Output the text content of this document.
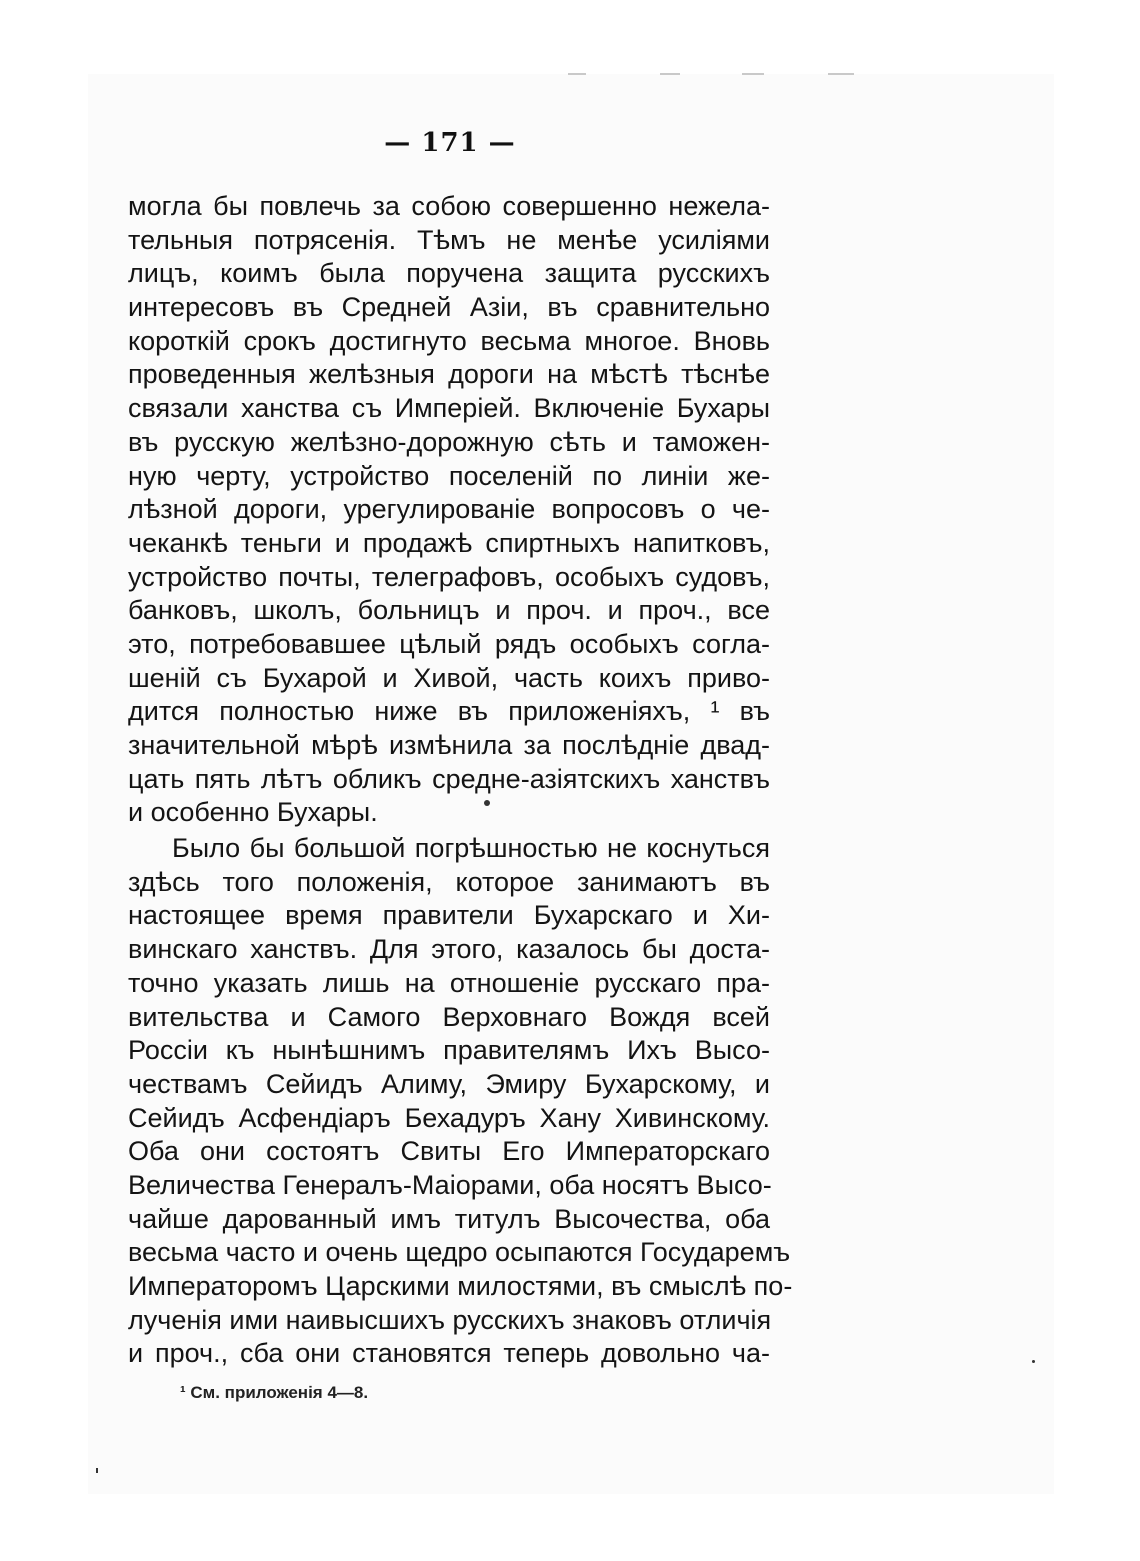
— 171 —
могла бы повлечь за собою совершенно нежела-
тельныя потрясенія. Тѣмъ не менѣе усиліями
лицъ, коимъ была поручена защита русскихъ
интересовъ въ Средней Азіи, въ сравнительно
короткій срокъ достигнуто весьма многое. Вновь
проведенныя желѣзныя дороги на мѣстѣ тѣснѣе
связали ханства съ Имперіей. Включеніе Бухары
въ русскую желѣзно-дорожную сѣть и таможен-
ную черту, устройство поселеній по линіи же-
лѣзной дороги, урегулированіе вопросовъ о че-
чеканкѣ теньги и продажѣ спиртныхъ напитковъ,
устройство почты, телеграфовъ, особыхъ судовъ,
банковъ, школъ, больницъ и проч. и проч., все
это, потребовавшее цѣлый рядъ особыхъ согла-
шеній съ Бухарой и Хивой, часть коихъ приво-
дится полностью ниже въ приложеніяхъ, ¹ въ
значительной мѣрѣ измѣнила за послѣдніе двад-
цать пять лѣтъ обликъ средне-азіятскихъ ханствъ
и особенно Бухары.
Было бы большой погрѣшностью не коснуться
здѣсь того положенія, которое занимаютъ въ
настоящее время правители Бухарскаго и Хи-
винскаго ханствъ. Для этого, казалось бы доста-
точно указать лишь на отношеніе русскаго пра-
вительства и Самого Верховнаго Вождя всей
Россіи къ нынѣшнимъ правителямъ Ихъ Высо-
чествамъ Сейидъ Алиму, Эмиру Бухарскому, и
Сейидъ Асфендіаръ Бехадуръ Хану Хивинскому.
Оба они состоятъ Свиты Его Императорскаго
Величества Генералъ-Маіорами, оба носятъ Высо-
чайше дарованный имъ титулъ Высочества, оба
весьма часто и очень щедро осыпаются Государемъ
Императоромъ Царскими милостями, въ смыслѣ по-
лученія ими наивысшихъ русскихъ знаковъ отличія
и проч., сба они становятся теперь довольно ча-
¹ См. приложенія 4—8.
